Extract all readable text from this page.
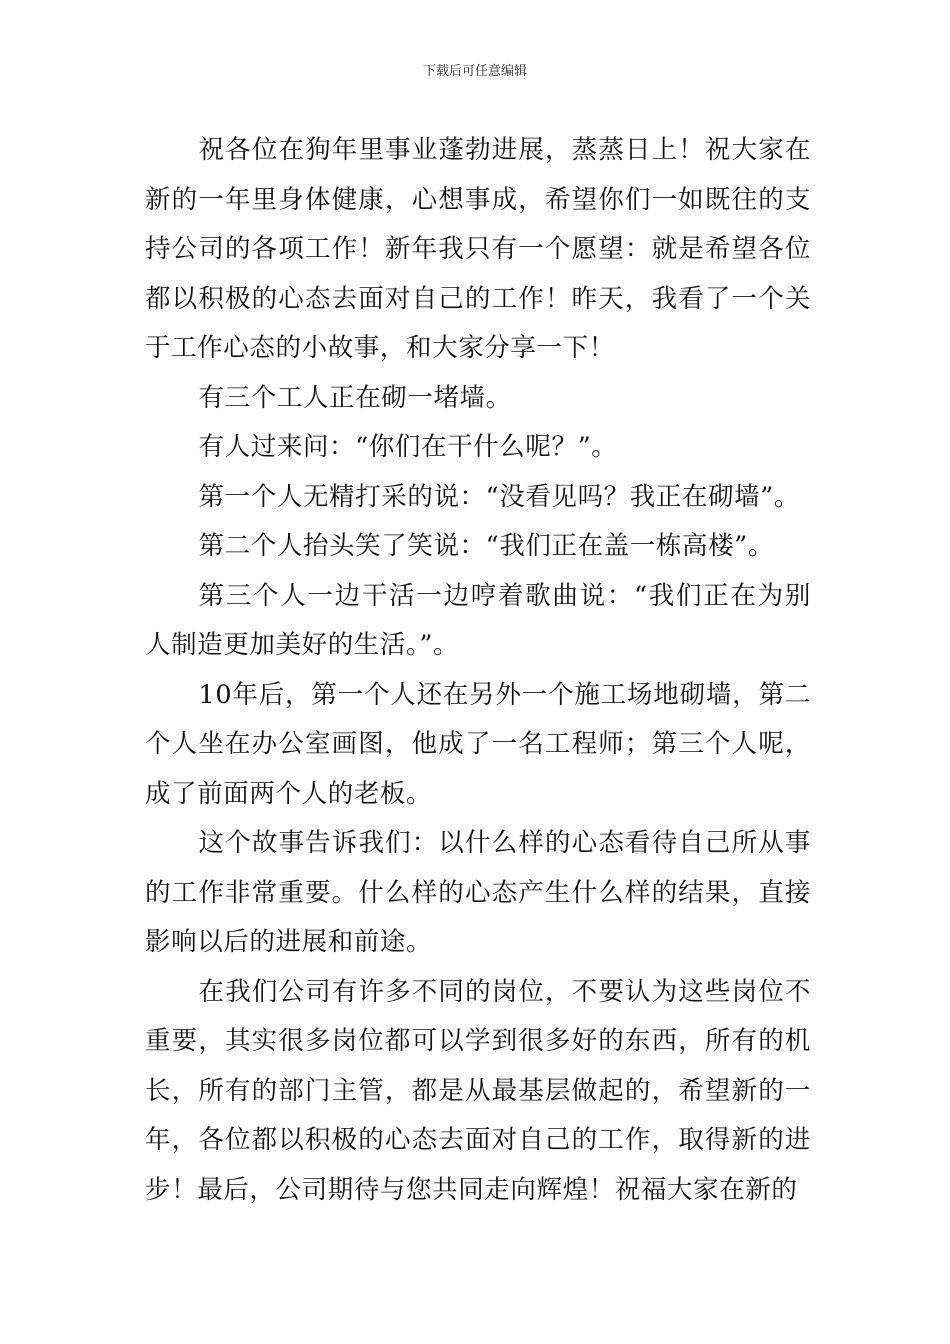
下载后可任意编辑

祝各位在狗年里事业蓬勃进展，蒸蒸日上！祝大家在新的一年里身体健康，心想事成，希望你们一如既往的支持公司的各项工作！新年我只有一个愿望：就是希望各位都以积极的心态去面对自己的工作！昨天，我看了一个关于工作心态的小故事，和大家分享一下！

有三个工人正在砌一堵墙。

有人过来问：“你们在干什么呢？”。

第一个人无精打采的说：“没看见吗？我正在砌墙”。

第二个人抬头笑了笑说：“我们正在盖一栋高楼”。

第三个人一边干活一边哼着歌曲说：“我们正在为别人制造更加美好的生活。”。

10年后，第一个人还在另外一个施工场地砌墙，第二个人坐在办公室画图，他成了一名工程师；第三个人呢，成了前面两个人的老板。

这个故事告诉我们：以什么样的心态看待自己所从事的工作非常重要。什么样的心态产生什么样的结果，直接影响以后的进展和前途。

在我们公司有许多不同的岗位，不要认为这些岗位不重要，其实很多岗位都可以学到很多好的东西，所有的机长，所有的部门主管，都是从最基层做起的，希望新的一年，各位都以积极的心态去面对自己的工作，取得新的进步！最后，公司期待与您共同走向辉煌！祝福大家在新的
